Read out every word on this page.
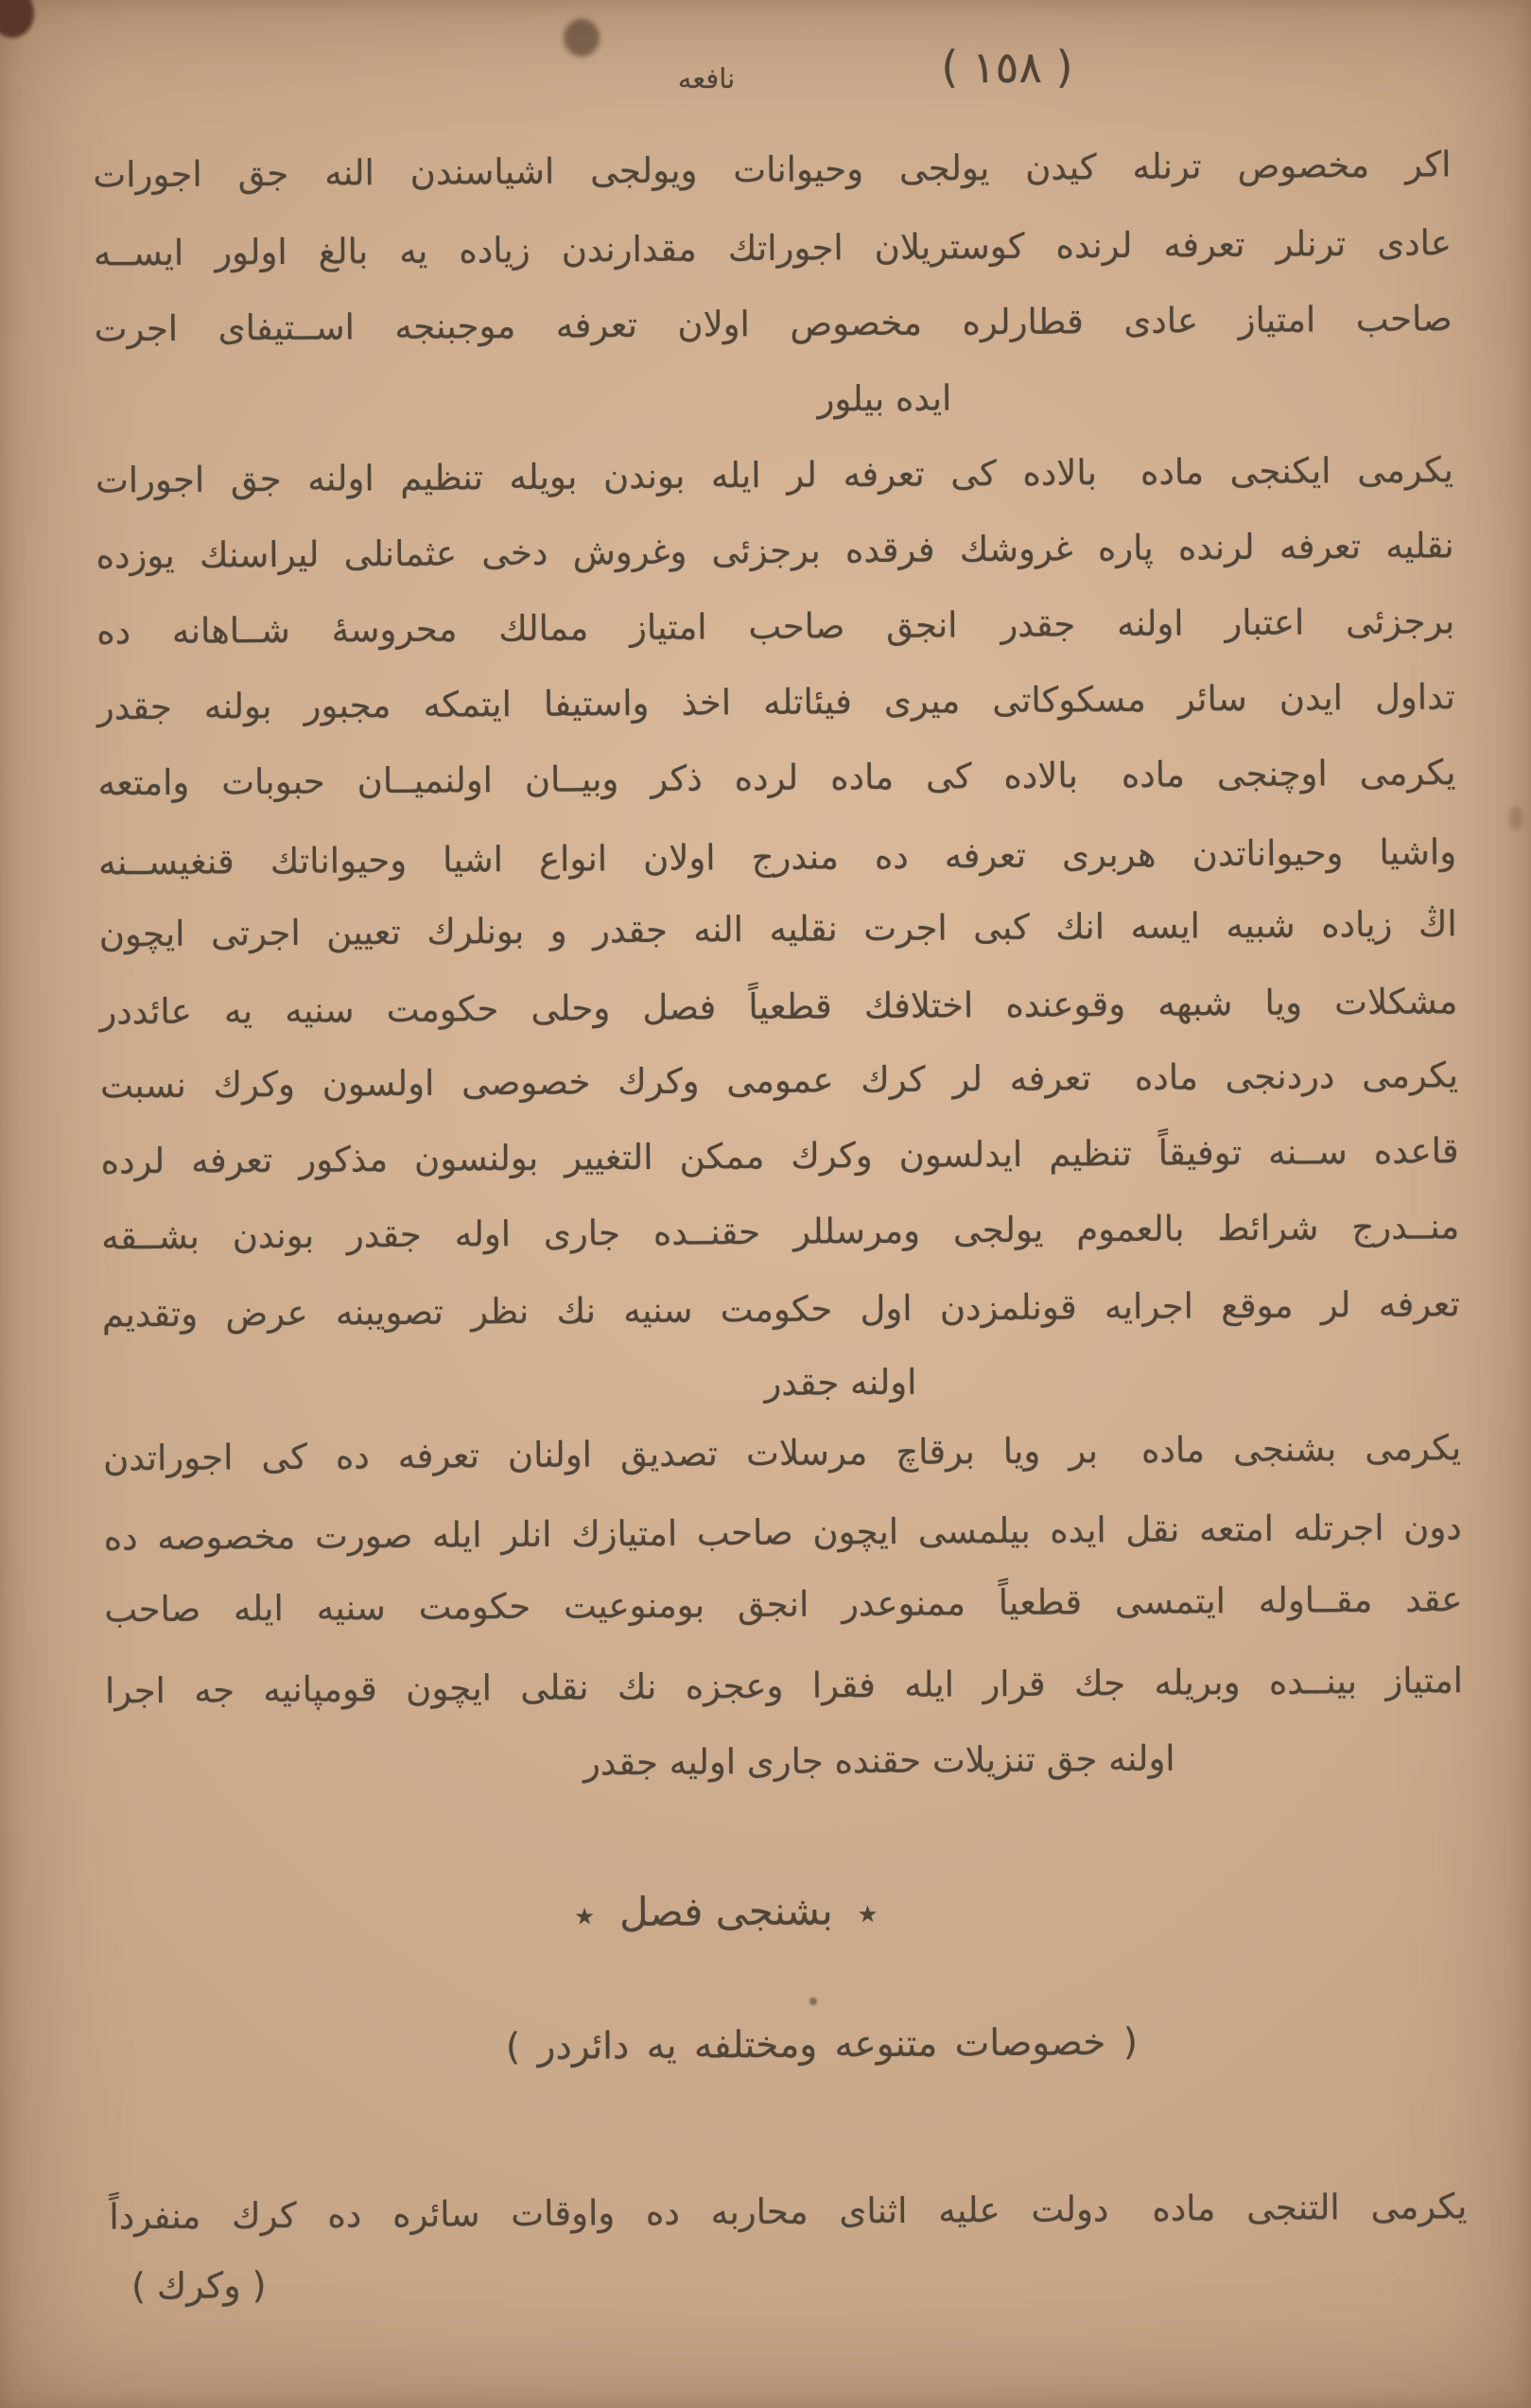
نافعه	( ١٥٨ )
اكر مخصوص ترنله كيدن يولجى وحيوانات ويولجى اشياسندن النه جق اجورات
عادى ترنلر تعرفه لرنده كوستريلان اجوراتك مقدارندن زياده يه بالغ اولور ايســه
صاحب امتياز عادى قطارلره مخصوص اولان تعرفه موجبنجه اســتيفاى اجرت
ايده بيلور
يكرمى ايكنجى مادهبالاده كى تعرفه لر ايله بوندن بويله تنظيم اولنه جق اجورات
نقليه تعرفه لرنده پاره غروشك فرقده برجزئى وغروش دخى عثمانلى ليراسنك يوزده
برجزئى اعتبار اولنه جقدرانجق صاحب امتياز ممالك محروسهٔ شــاهانه ده
تداول ايدن سائر مسكوكاتى ميرى فيئاتله اخذ واستيفا ايتمكه مجبور بولنه جقدر
يكرمى اوچنجى مادهبالاده كى ماده لرده ذكر وبيــان اولنميــان حبوبات وامتعه
واشيا وحيواناتدن هربرى تعرفه ده مندرج اولان انواع اشيا وحيواناتك قنغيســنه
اڭ زياده شبيه ايسه انك كبى اجرت نقليه النه جقدر و بونلرك تعيين اجرتى ايچون
مشكلات ويا شبهه وقوعنده اختلافك قطعياً فصل وحلى حكومت سنيه يه عائددر
يكرمى دردنجى مادهتعرفه لر كرك عمومى وكرك خصوصى اولسون وكرك نسبت
قاعده ســنه توفيقاً تنظيم ايدلسون وكرك ممكن التغيير بولنسون مذكور تعرفه لرده
منــدرج شرائط بالعموم يولجى ومرسللر حقنــده جارى اوله جقدر بوندن بشــقه
تعرفه لر موقع اجرايه قونلمزدن اول حكومت سنيه نك نظر تصويبنه عرض وتقديم
اولنه جقدر
يكرمى بشنجى مادهبر ويا برقاچ مرسلات تصديق اولنان تعرفه ده كى اجوراتدن
دون اجرتله امتعه نقل ايده بيلمسى ايچون صاحب امتيازك انلر ايله صورت مخصوصه ده
عقد مقــاوله ايتمسى قطعياً ممنوعدر انجق بومنوعيت حكومت سنيه ايله صاحب
امتياز بينــده وبريله جك قرار ايله فقرا وعجزه نك نقلى ايچون قومپانيه جه اجرا
اولنه جق تنزيلات حقنده جارى اوليه جقدر
٭بشنجى فصل٭
( خصوصات متنوعه ومختلفه يه دائردر )
يكرمى التنجى مادهدولت عليه اثناى محاربه ده واوقات سائره ده كرك منفرداً
( وكرك )
